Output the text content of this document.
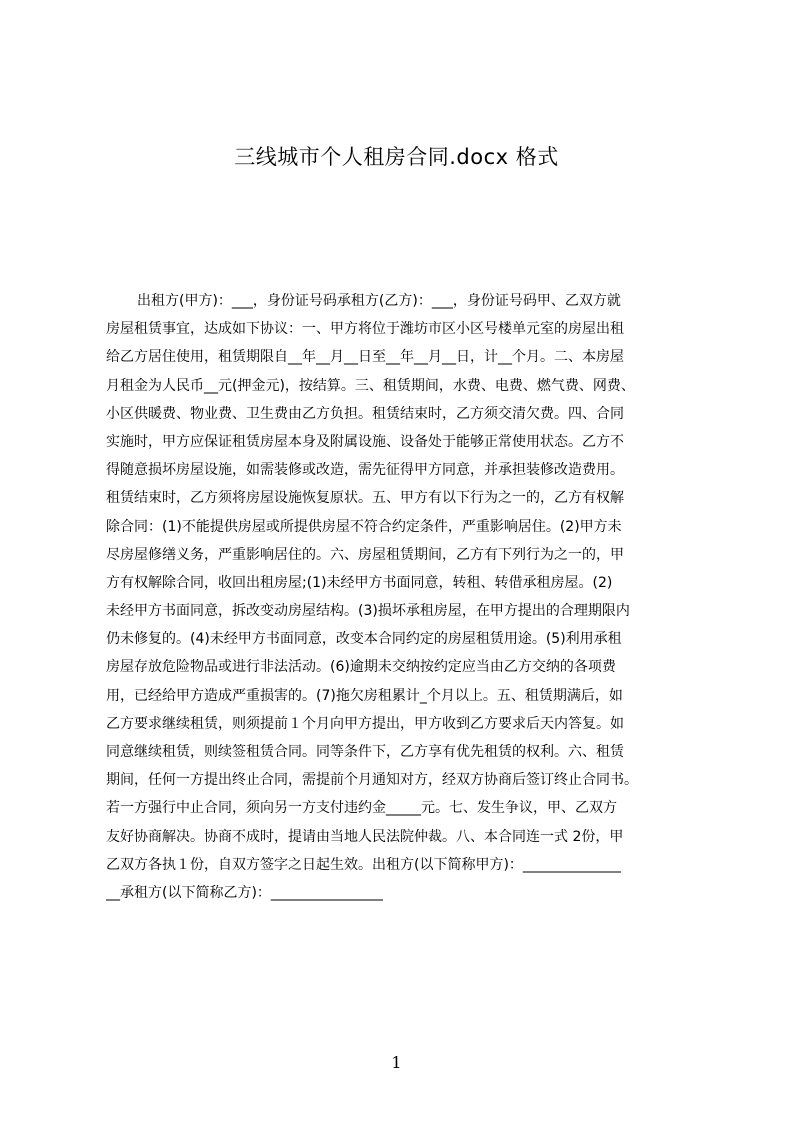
三线城市个人租房合同.docx 格式
出租方(甲方)：___，身份证号码承租方(乙方)：___，身份证号码甲、乙双方就
房屋租赁事宜，达成如下协议：一、甲方将位于潍坊市区小区号楼单元室的房屋出租
给乙方居住使用，租赁期限自__年__月__日至__年__月__日，计__个月。二、本房屋
月租金为人民币__元(押金元)，按结算。三、租赁期间，水费、电费、燃气费、网费、
小区供暖费、物业费、卫生费由乙方负担。租赁结束时，乙方须交清欠费。四、合同
实施时，甲方应保证租赁房屋本身及附属设施、设备处于能够正常使用状态。乙方不
得随意损坏房屋设施，如需装修或改造，需先征得甲方同意，并承担装修改造费用。
租赁结束时，乙方须将房屋设施恢复原状。五、甲方有以下行为之一的，乙方有权解
除合同：(1)不能提供房屋或所提供房屋不符合约定条件，严重影响居住。(2)甲方未
尽房屋修缮义务，严重影响居住的。六、房屋租赁期间，乙方有下列行为之一的，甲
方有权解除合同，收回出租房屋;(1)未经甲方书面同意，转租、转借承租房屋。(2)
未经甲方书面同意，拆改变动房屋结构。(3)损坏承租房屋，在甲方提出的合理期限内
仍未修复的。(4)未经甲方书面同意，改变本合同约定的房屋租赁用途。(5)利用承租
房屋存放危险物品或进行非法活动。(6)逾期未交纳按约定应当由乙方交纳的各项费
用，已经给甲方造成严重损害的。(7)拖欠房租累计_个月以上。五、租赁期满后，如
乙方要求继续租赁，则须提前１个月向甲方提出，甲方收到乙方要求后天内答复。如
同意继续租赁，则续签租赁合同。同等条件下，乙方享有优先租赁的权利。六、租赁
期间，任何一方提出终止合同，需提前个月通知对方，经双方协商后签订终止合同书。
若一方强行中止合同，须向另一方支付违约金_____元。七、发生争议，甲、乙双方
友好协商解决。协商不成时，提请由当地人民法院仲裁。八、本合同连一式 2份，甲
乙双方各执１份，自双方签字之日起生效。出租方(以下简称甲方)：______________
__承租方(以下简称乙方)：________________
1
